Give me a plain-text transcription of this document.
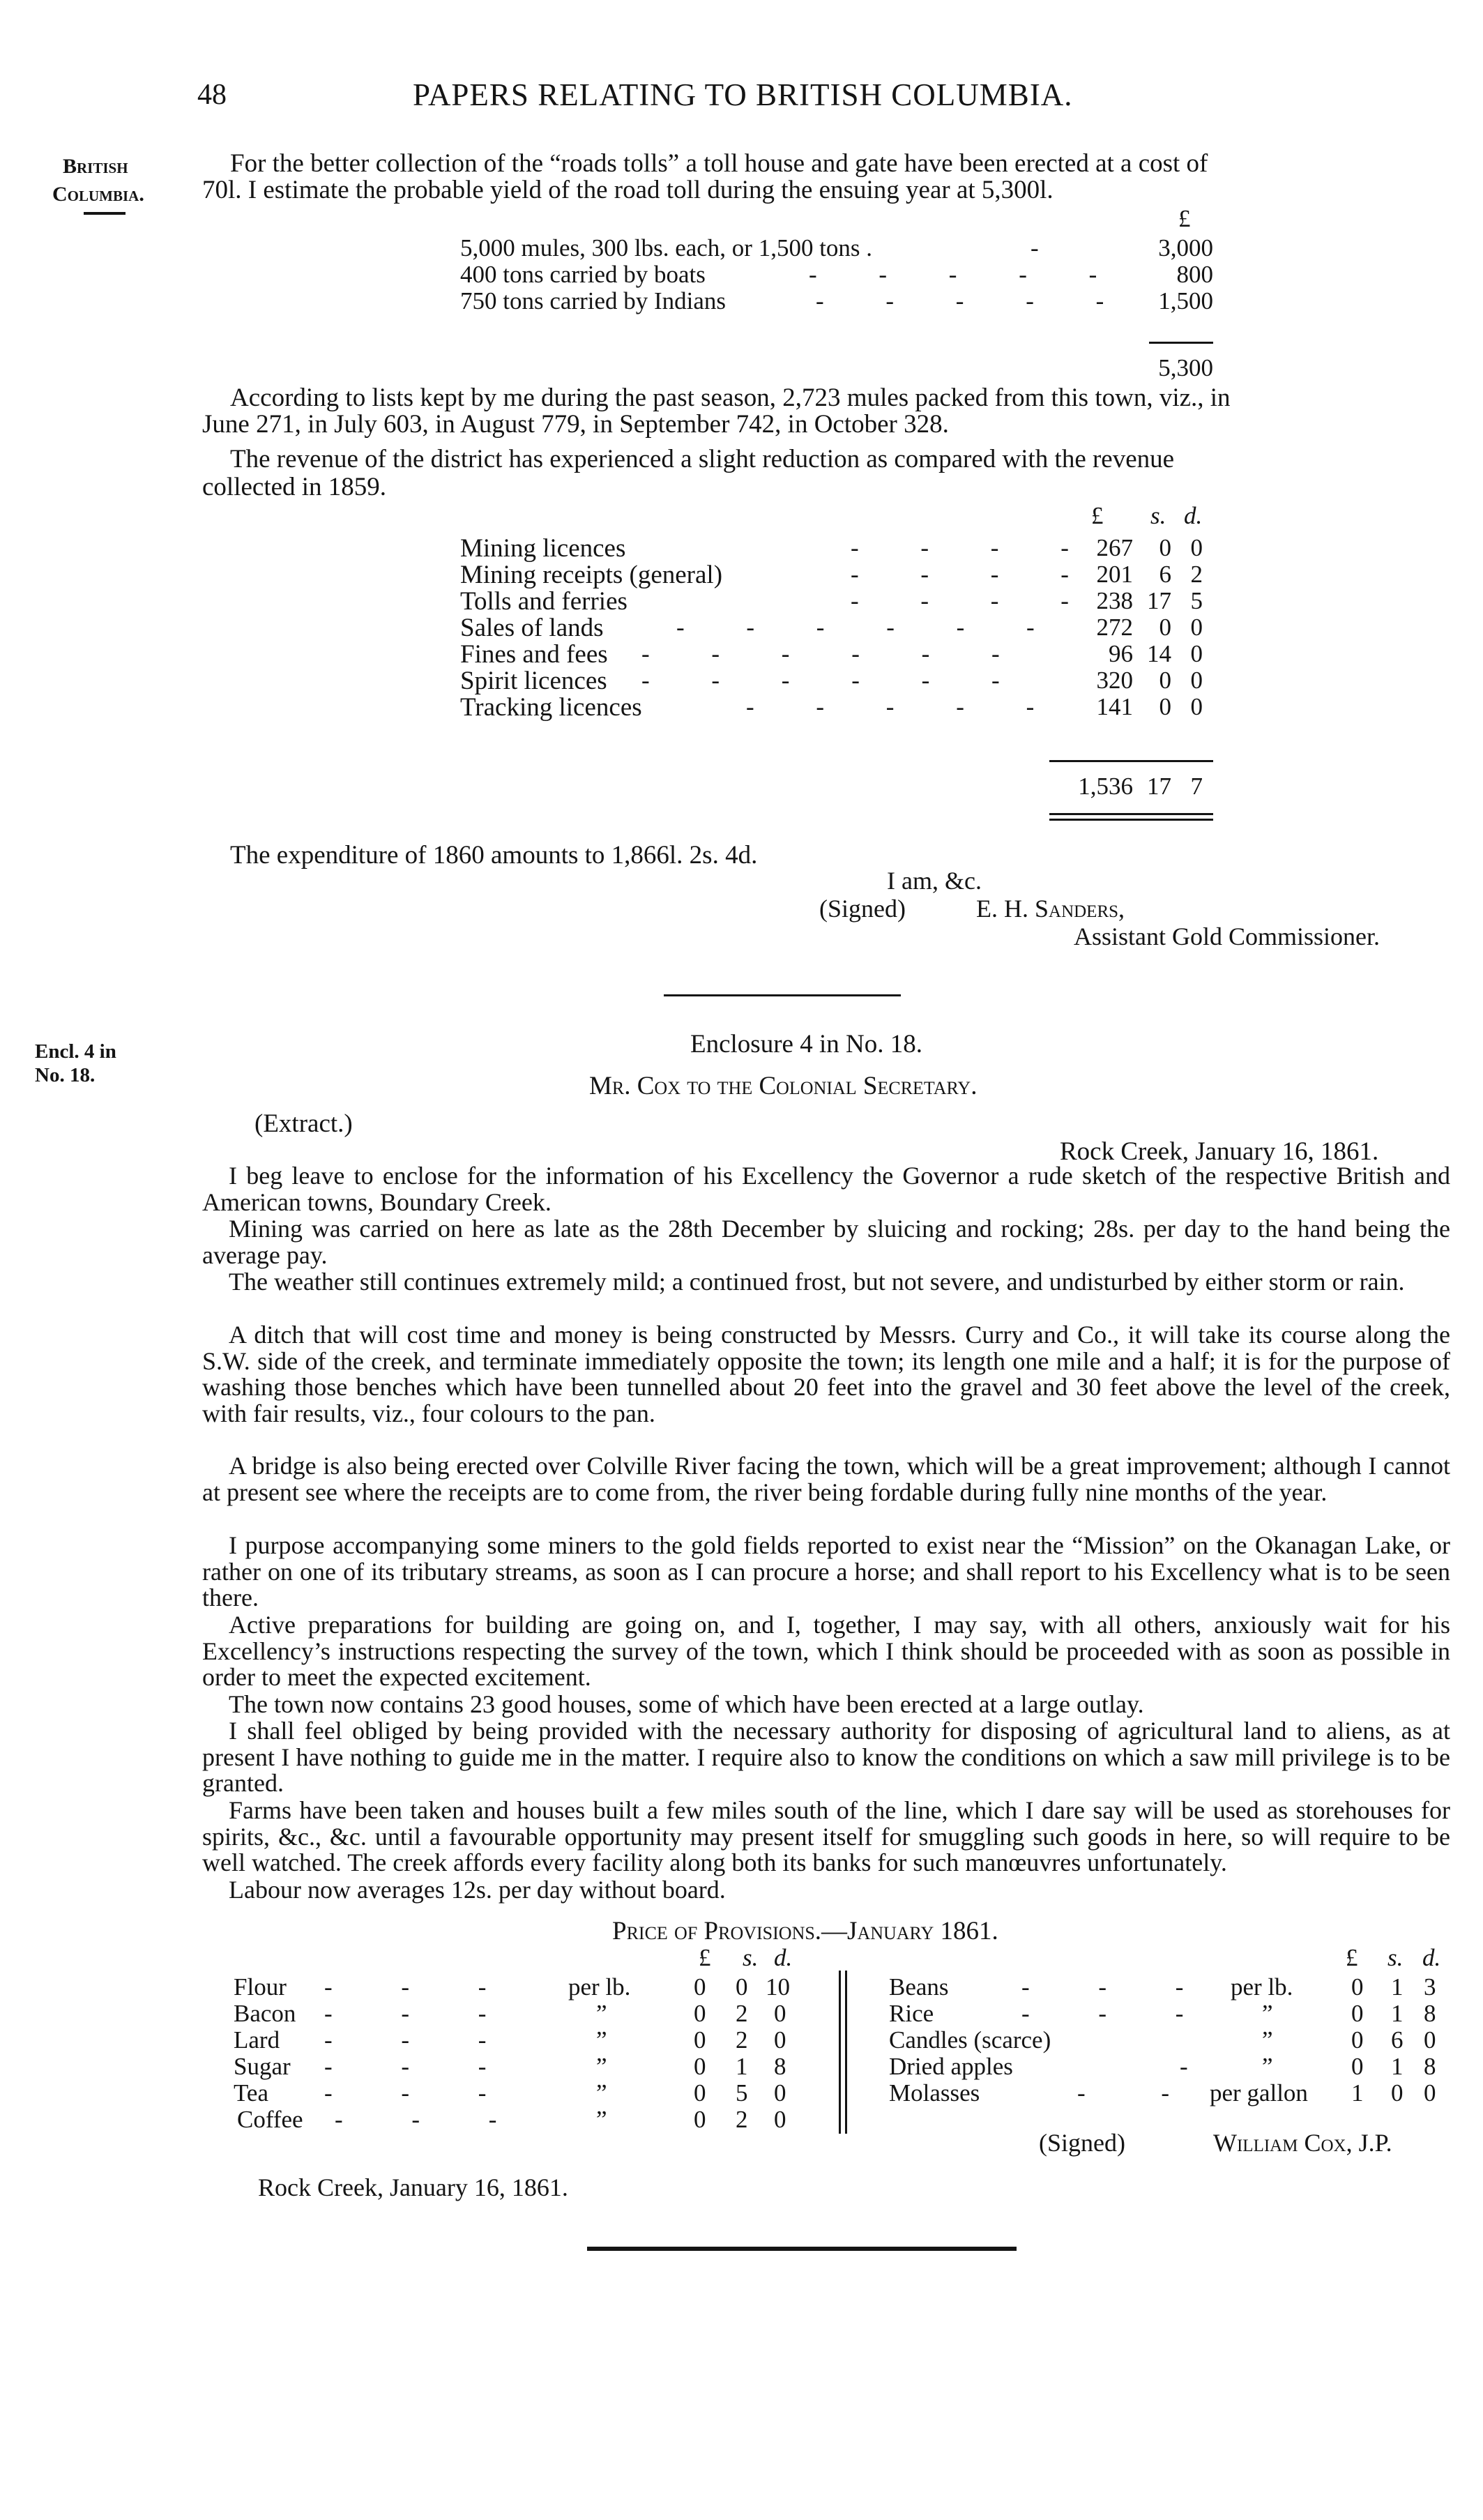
48	PAPERS RELATING TO BRITISH COLUMBIA.
British
Columbia.
For the better collection of the “roads tolls” a toll house and gate have been erected at a cost of
70l. I estimate the probable yield of the road toll during the ensuing year at 5,300l.
£
5,000 mules, 300 lbs. each, or 1,500 tons .	-	3,000
400 tons carried by boats	- - - - -	800
750 tons carried by Indians	- - - - -	1,500
5,300
According to lists kept by me during the past season, 2,723 mules packed from this town, viz., in
June 271, in July 603, in August 779, in September 742, in October 328.
The revenue of the district has experienced a slight reduction as compared with the revenue
collected in 1859.
£ s. d.
Mining licences	- - - -	267	0 0
Mining receipts (general)	- - - -	201	6 2
Tolls and ferries	- - - -	238 17 5
Sales of lands	- - - - - -	272	0 0
Fines and fees - - - - - -	96 14 0
Spirit licences - - - - - -	320	0 0
Tracking licences	- - - - -	141	0 0
1,536 17 7
The expenditure of 1860 amounts to 1,866l. 2s. 4d.
I am, &c.
(Signed)	E. H. Sanders,
Assistant Gold Commissioner.
Encl. 4 in
No. 18.
Enclosure 4 in No. 18.
Mr. Cox to the Colonial Secretary.
(Extract.)
Rock Creek, January 16, 1861.
I beg leave to enclose for the information of his Excellency the Governor a rude sketch of the respective British and American towns, Boundary Creek.
Mining was carried on here as late as the 28th December by sluicing and rocking; 28s. per day to the hand being the average pay.
The weather still continues extremely mild; a continued frost, but not severe, and undisturbed by either storm or rain.
A ditch that will cost time and money is being constructed by Messrs. Curry and Co., it will take its course along the S.W. side of the creek, and terminate immediately opposite the town; its length one mile and a half; it is for the purpose of washing those benches which have been tunnelled about 20 feet into the gravel and 30 feet above the level of the creek, with fair results, viz., four colours to the pan.
A bridge is also being erected over Colville River facing the town, which will be a great improvement; although I cannot at present see where the receipts are to come from, the river being fordable during fully nine months of the year.
I purpose accompanying some miners to the gold fields reported to exist near the “Mission” on the Okanagan Lake, or rather on one of its tributary streams, as soon as I can procure a horse; and shall report to his Excellency what is to be seen there.
Active preparations for building are going on, and I, together, I may say, with all others, anxiously wait for his Excellency’s instructions respecting the survey of the town, which I think should be proceeded with as soon as possible in order to meet the expected excitement.
The town now contains 23 good houses, some of which have been erected at a large outlay.
I shall feel obliged by being provided with the necessary authority for disposing of agricultural land to aliens, as at present I have nothing to guide me in the matter. I require also to know the conditions on which a saw mill privilege is to be granted.
Farms have been taken and houses built a few miles south of the line, which I dare say will be used as storehouses for spirits, &c., &c. until a favourable opportunity may present itself for smuggling such goods in here, so will require to be well watched. The creek affords every facility along both its banks for such manœuvres unfortunately.
Labour now averages 12s. per day without board.
Price of Provisions.—January 1861.
£ s. d.	£ s. d.
Flour - - -	per lb.	0 0 10
Bacon - - -	”	0 2 0
Lard - - -	”	0 2 0
Sugar - - -	”	0 1 8
Tea - - -	”	0 5 0
Coffee - - -	”	0 2 0
Beans	- - - per lb. 0 1 3
Rice	- - -	”	0 1 8
Candles (scarce)	”	0 6 0
Dried apples	-	”	0 1 8
Molasses	- - per gallon 1 0 0
(Signed)	William Cox, J.P.
Rock Creek, January 16, 1861.
